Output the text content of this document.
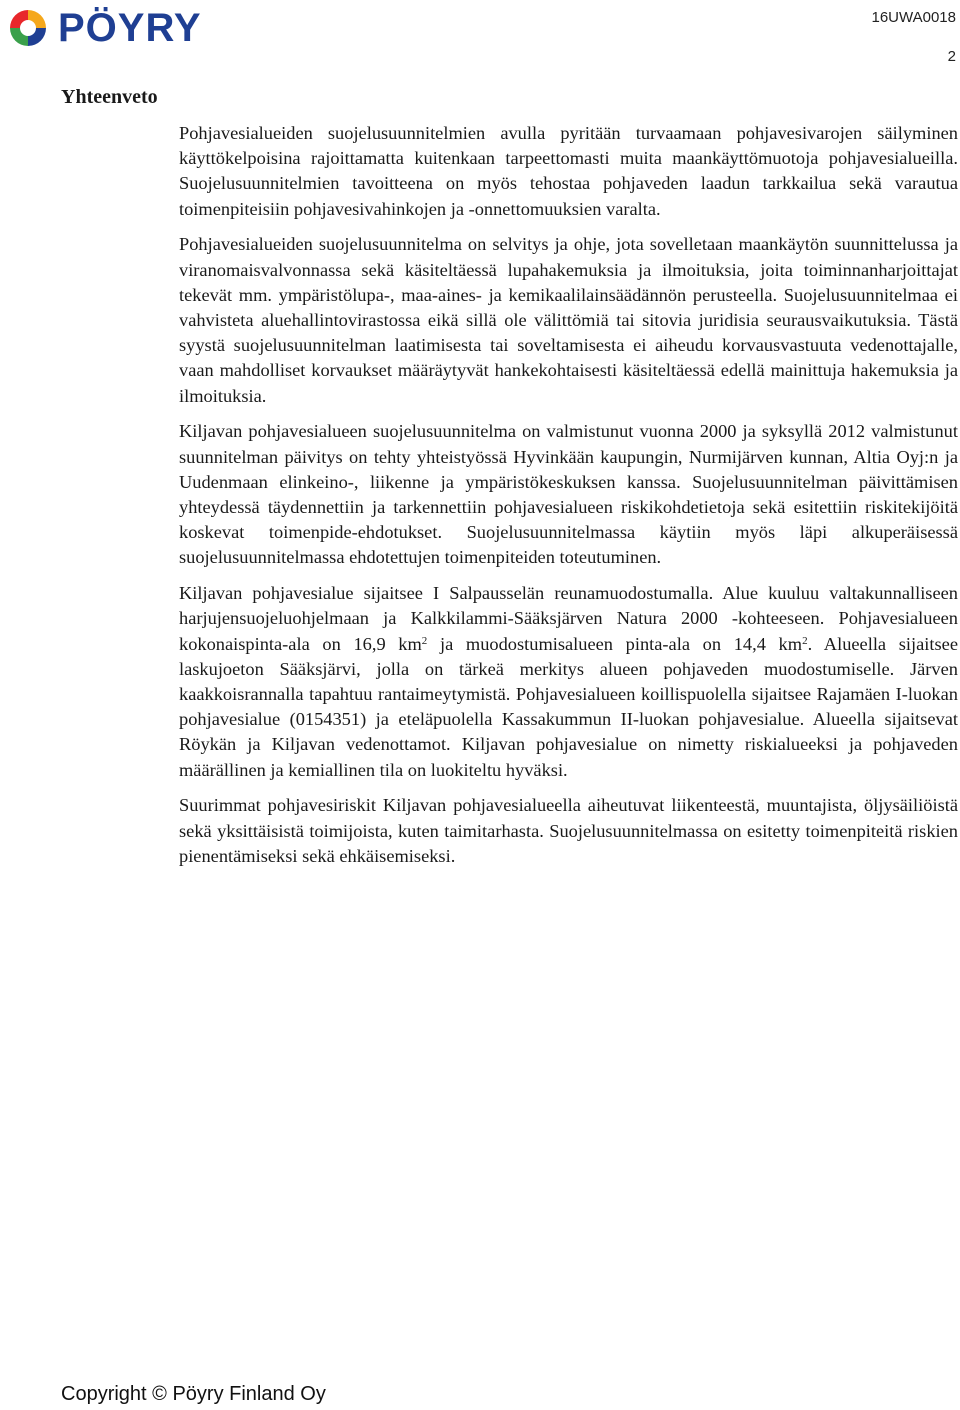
PÖYRY	16UWA0018
2
Yhteenveto

Pohjavesialueiden suojelusuunnitelmien avulla pyritään turvaamaan pohjavesivarojen säilyminen käyttökelpoisina rajoittamatta kuitenkaan tarpeettomasti muita maankäyttömuotoja pohjavesialueilla. Suojelusuunnitelmien tavoitteena on myös tehostaa pohjaveden laadun tarkkailua sekä varautua toimenpiteisiin pohjavesivahinkojen ja -onnettomuuksien varalta.

Pohjavesialueiden suojelusuunnitelma on selvitys ja ohje, jota sovelletaan maankäytön suunnittelussa ja viranomaisvalvonnassa sekä käsiteltäessä lupahakemuksia ja ilmoituksia, joita toiminnanharjoittajat tekevät mm. ympäristölupa-, maa-aines- ja kemikaalilainsäädännön perusteella. Suojelusuunnitelmaa ei vahvisteta aluehallintovirastossa eikä sillä ole välittömiä tai sitovia juridisia seurausvaikutuksia. Tästä syystä suojelusuunnitelman laatimisesta tai soveltamisesta ei aiheudu korvausvastuuta vedenottajalle, vaan mahdolliset korvaukset määräytyvät hankekohtaisesti käsiteltäessä edellä mainittuja hakemuksia ja ilmoituksia.

Kiljavan pohjavesialueen suojelusuunnitelma on valmistunut vuonna 2000 ja syksyllä 2012 valmistunut suunnitelman päivitys on tehty yhteistyössä Hyvinkään kaupungin, Nurmijärven kunnan, Altia Oyj:n ja Uudenmaan elinkeino-, liikenne ja ympäristökeskuksen kanssa. Suojelusuunnitelman päivittämisen yhteydessä täydennettiin ja tarkennettiin pohjavesialueen riskikohdetietoja sekä esitettiin riskitekijöitä koskevat toimenpide-ehdotukset. Suojelusuunnitelmassa käytiin myös läpi alkuperäisessä suojelusuunnitelmassa ehdotettujen toimenpiteiden toteutuminen.

Kiljavan pohjavesialue sijaitsee I Salpausselän reunamuodostumalla. Alue kuuluu valtakunnalliseen harjujensuojeluohjelmaan ja Kalkkilammi-Sääksjärven Natura 2000 -kohteeseen. Pohjavesialueen kokonaispinta-ala on 16,9 $km^2$ ja muodostumisalueen pinta-ala on 14,4 $km^2$. Alueella sijaitsee laskujoeton Sääksjärvi, jolla on tärkeä merkitys alueen pohjaveden muodostumiselle. Järven kaakkoisrannalla tapahtuu rantaimeytymistä. Pohjavesialueen koillispuolella sijaitsee Rajamäen I-luokan pohjavesialue (0154351) ja eteläpuolella Kassakummun II-luokan pohjavesialue. Alueella sijaitsevat Röykän ja Kiljavan vedenottamot. Kiljavan pohjavesialue on nimetty riskialueeksi ja pohjaveden määrällinen ja kemiallinen tila on luokiteltu hyväksi.

Suurimmat pohjavesiriskit Kiljavan pohjavesialueella aiheutuvat liikenteestä, muuntajista, öljysäiliöistä sekä yksittäisistä toimijoista, kuten taimitarhasta. Suojelusuunnitelmassa on esitetty toimenpiteitä riskien pienentämiseksi sekä ehkäisemiseksi.

Copyright © Pöyry Finland Oy
